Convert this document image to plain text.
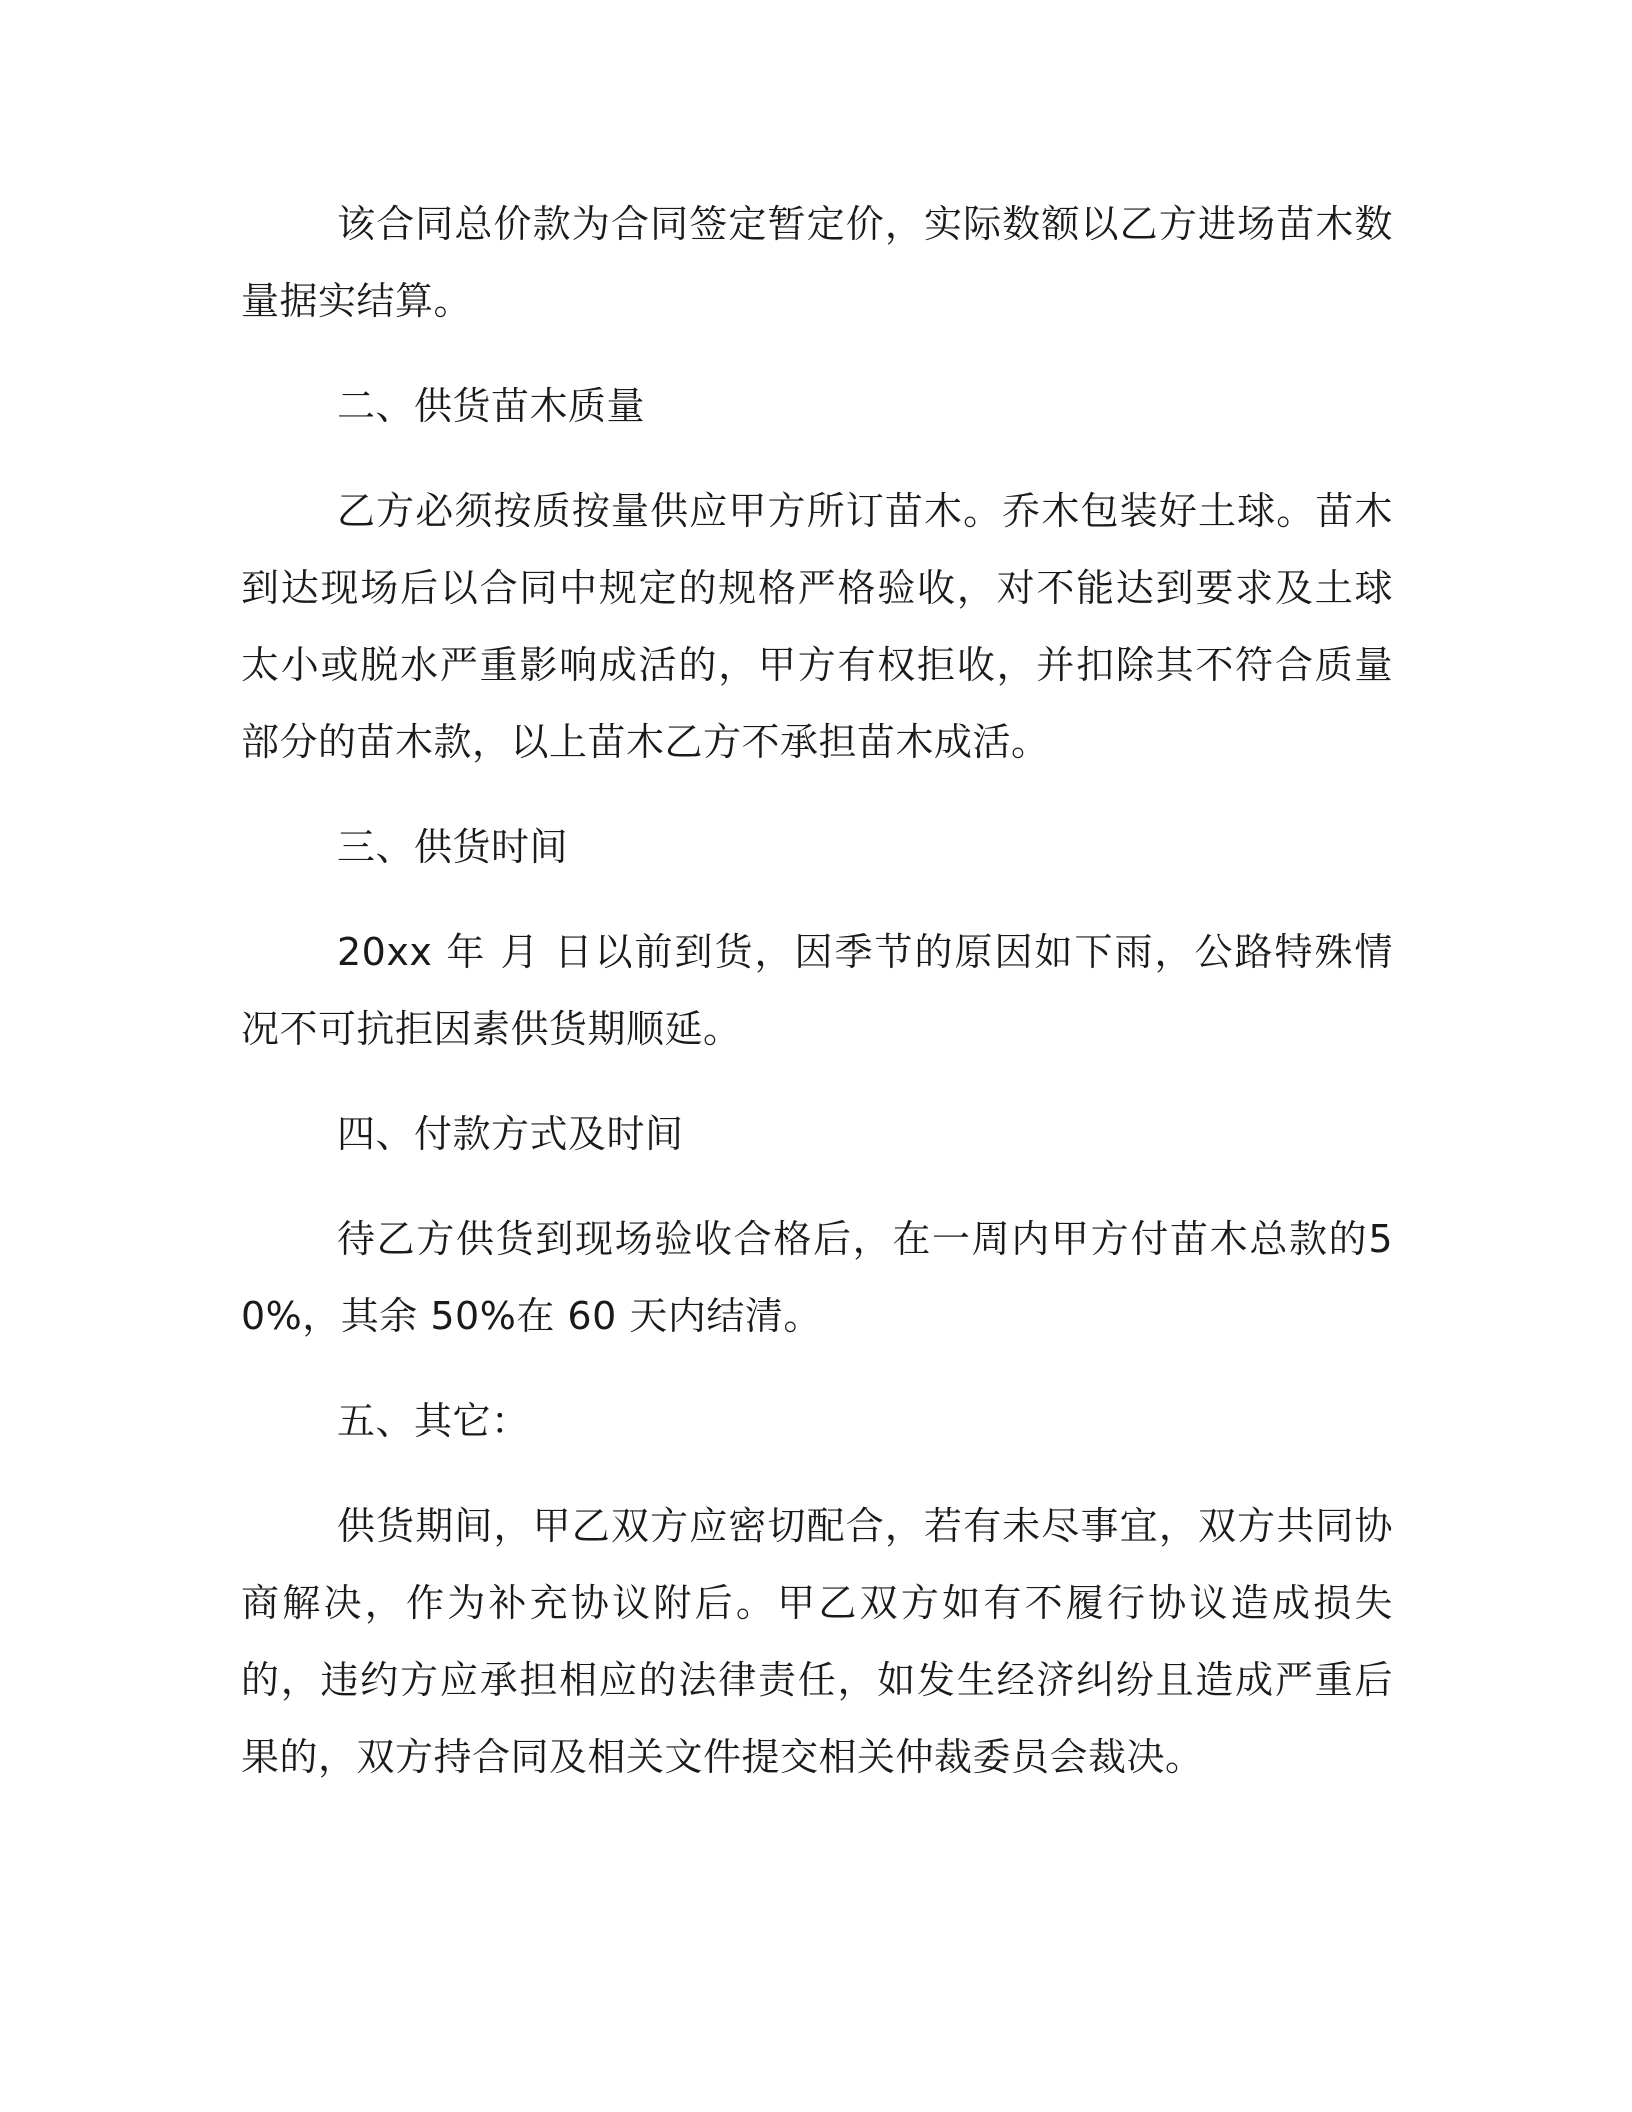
该合同总价款为合同签定暂定价，实际数额以乙方进场苗木数量据实结算。

二、供货苗木质量

乙方必须按质按量供应甲方所订苗木。乔木包装好土球。苗木到达现场后以合同中规定的规格严格验收，对不能达到要求及土球太小或脱水严重影响成活的，甲方有权拒收，并扣除其不符合质量部分的苗木款，以上苗木乙方不承担苗木成活。

三、供货时间

20xx 年 月 日以前到货，因季节的原因如下雨，公路特殊情况不可抗拒因素供货期顺延。

四、付款方式及时间

待乙方供货到现场验收合格后，在一周内甲方付苗木总款的50%，其余 50%在 60 天内结清。

五、其它：

供货期间，甲乙双方应密切配合，若有未尽事宜，双方共同协商解决，作为补充协议附后。甲乙双方如有不履行协议造成损失的，违约方应承担相应的法律责任，如发生经济纠纷且造成严重后果的，双方持合同及相关文件提交相关仲裁委员会裁决。
